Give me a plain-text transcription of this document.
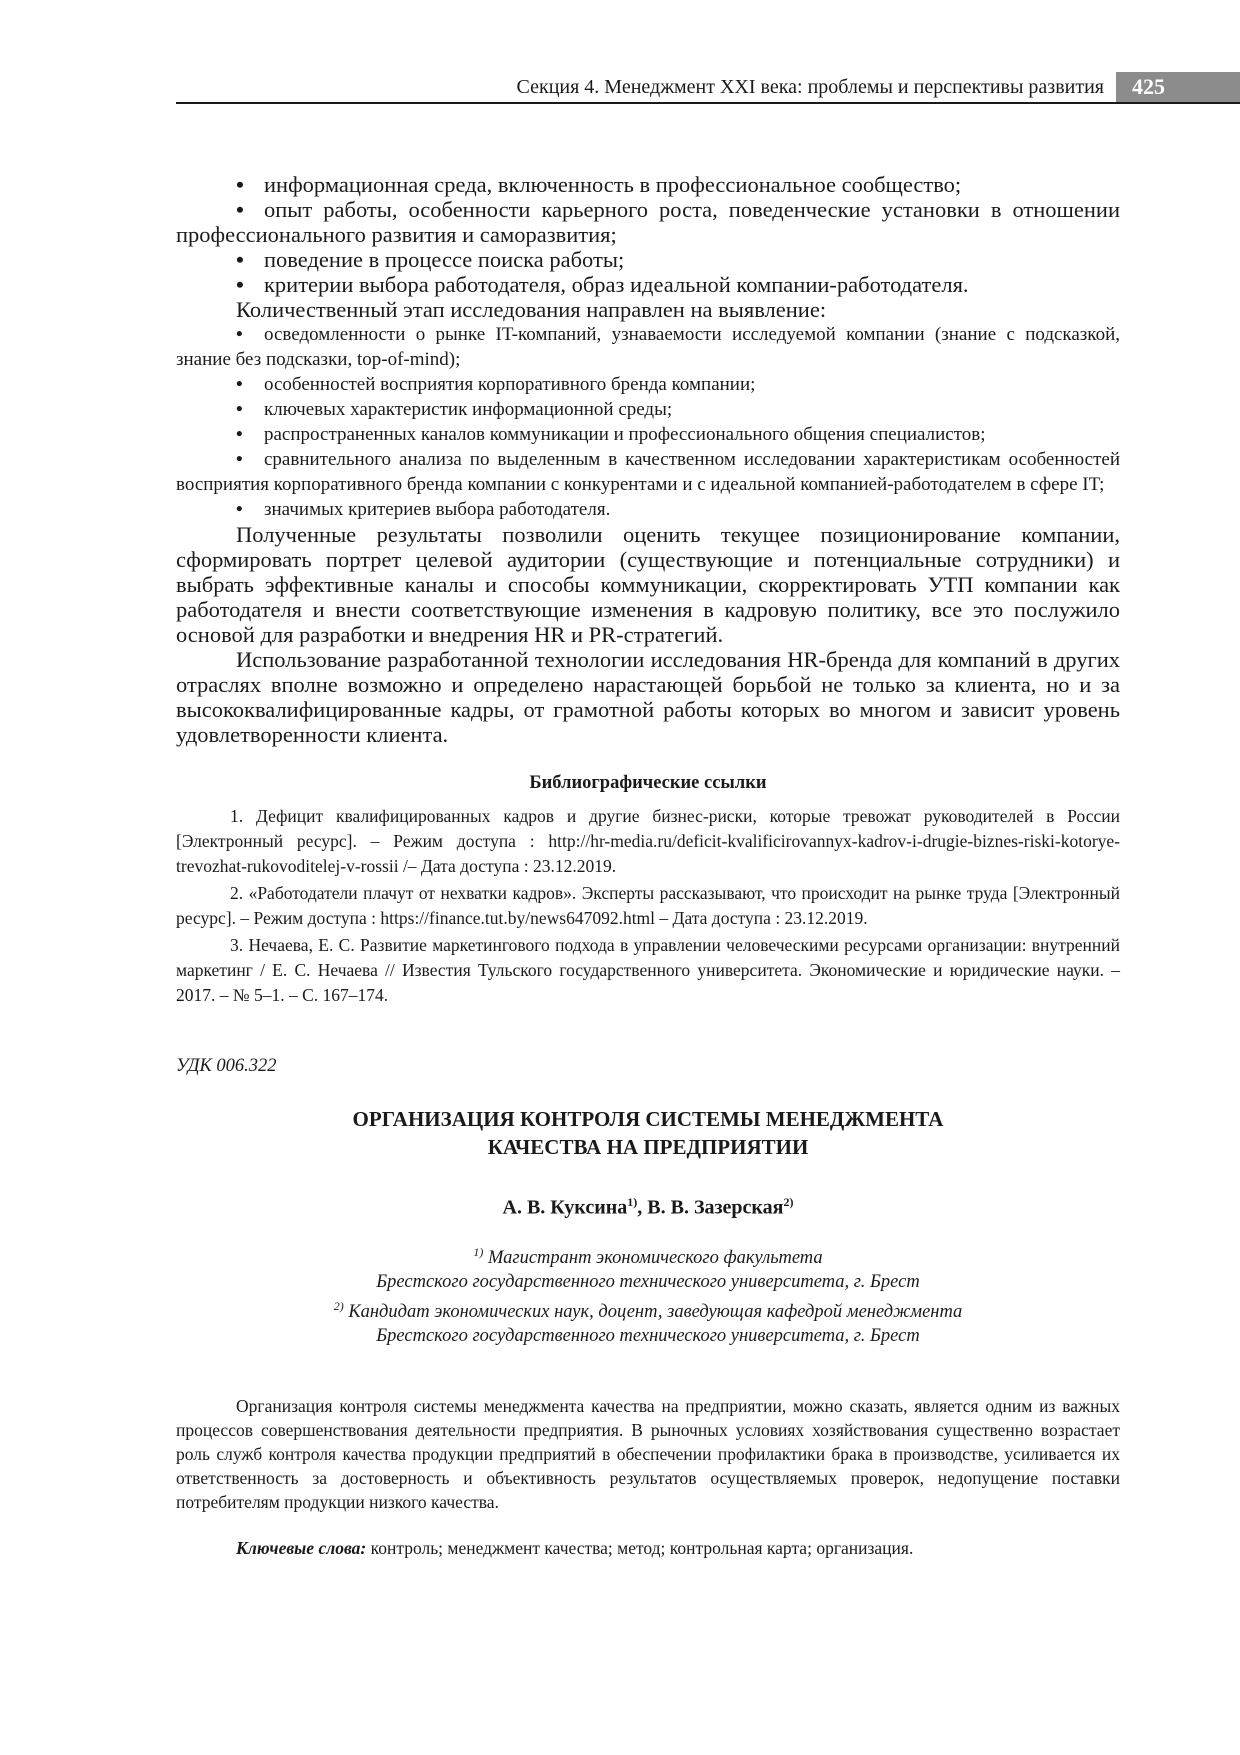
Секция 4. Менеджмент XXI века: проблемы и перспективы развития	425
• информационная среда, включенность в профессиональное сообщество;
• опыт работы, особенности карьерного роста, поведенческие установки в отношении профессионального развития и саморазвития;
• поведение в процессе поиска работы;
• критерии выбора работодателя, образ идеальной компании-работодателя.

Количественный этап исследования направлен на выявление:

• осведомленности о рынке IT-компаний, узнаваемости исследуемой компании (знание с подсказкой, знание без подсказки, top-of-mind);
• особенностей восприятия корпоративного бренда компании;
• ключевых характеристик информационной среды;
• распространенных каналов коммуникации и профессионального общения специалистов;
• сравнительного анализа по выделенным в качественном исследовании характеристикам особенностей восприятия корпоративного бренда компании с конкурентами и с идеальной компанией-работодателем в сфере IT;
• значимых критериев выбора работодателя.

Полученные результаты позволили оценить текущее позиционирование компании, сформировать портрет целевой аудитории (существующие и потенциальные сотрудники) и выбрать эффективные каналы и способы коммуникации, скорректировать УТП компании как работодателя и внести соответствующие изменения в кадровую политику, все это послужило основой для разработки и внедрения HR и PR-стратегий.

Использование разработанной технологии исследования HR-бренда для компаний в других отраслях вполне возможно и определено нарастающей борьбой не только за клиента, но и за высококвалифицированные кадры, от грамотной работы которых во многом и зависит уровень удовлетворенности клиента.

Библиографические ссылки

1. Дефицит квалифицированных кадров и другие бизнес-риски, которые тревожат руководителей в России [Электронный ресурс]. – Режим доступа : http://hr-media.ru/deficit-kvalificirovannyx-kadrov-i-drugie-biznes-riski-kotorye-trevozhat-rukovoditelej-v-rossii /– Дата доступа : 23.12.2019.

2. «Работодатели плачут от нехватки кадров». Эксперты рассказывают, что происходит на рынке труда [Электронный ресурс]. – Режим доступа : https://finance.tut.by/news647092.html – Дата доступа : 23.12.2019.

3. Нечаева, Е. С. Развитие маркетингового подхода в управлении человеческими ресурсами организации: внутренний маркетинг / Е. С. Нечаева // Известия Тульского государственного университета. Экономические и юридические науки. – 2017. – № 5–1. – С. 167–174.

УДК 006.322

ОРГАНИЗАЦИЯ КОНТРОЛЯ СИСТЕМЫ МЕНЕДЖМЕНТА
КАЧЕСТВА НА ПРЕДПРИЯТИИ
А. В. Куксина$^{1)}$, В. В. Зазерская$^{2)}$
$^{1)}$ Магистрант экономического факультета
Брестского государственного технического университета, г. Брест
$^{2)}$ Кандидат экономических наук, доцент, заведующая кафедрой менеджмента
Брестского государственного технического университета, г. Брест

Организация контроля системы менеджмента качества на предприятии, можно сказать, является одним из важных процессов совершенствования деятельности предприятия. В рыночных условиях хозяйствования существенно возрастает роль служб контроля качества продукции предприятий в обеспечении профилактики брака в производстве, усиливается их ответственность за достоверность и объективность результатов осуществляемых проверок, недопущение поставки потребителям продукции низкого качества.

Ключевые слова: контроль; менеджмент качества; метод; контрольная карта; организация.
